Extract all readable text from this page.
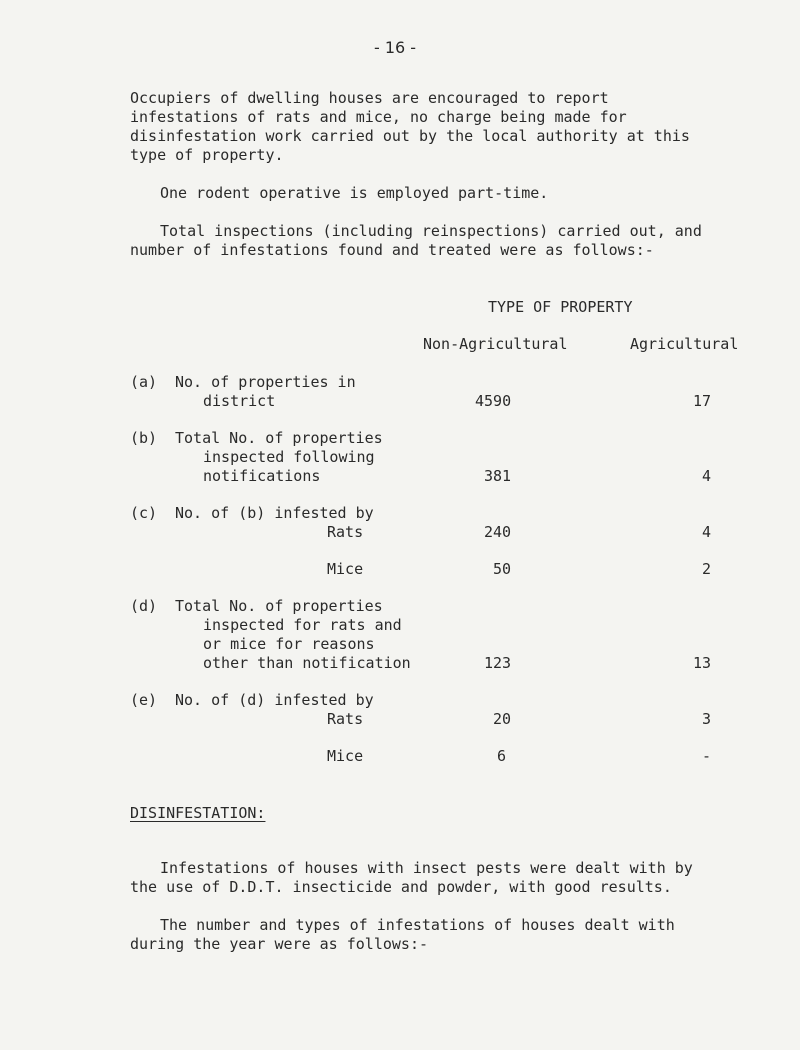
- 16 -
Occupiers of dwelling houses are encouraged to report
infestations of rats and mice, no charge being made for
disinfestation work carried out by the local authority at this
type of property.
One rodent operative is employed part-time.
Total inspections (including reinspections) carried out, and
number of infestations found and treated were as follows:-
TYPE OF PROPERTY
Non-Agricultural	Agricultural
(a) No. of properties in
district	4590	17
(b) Total No. of properties
inspected following
notifications	381	4
(c) No. of (b) infested by
Rats	240	4
Mice	50	2
(d) Total No. of properties
inspected for rats and
or mice for reasons
other than notification	123	13
(e) No. of (d) infested by
Rats	20	3
Mice	6	-
DISINFESTATION:
Infestations of houses with insect pests were dealt with by
the use of D.D.T. insecticide and powder, with good results.
The number and types of infestations of houses dealt with
during the year were as follows:-
